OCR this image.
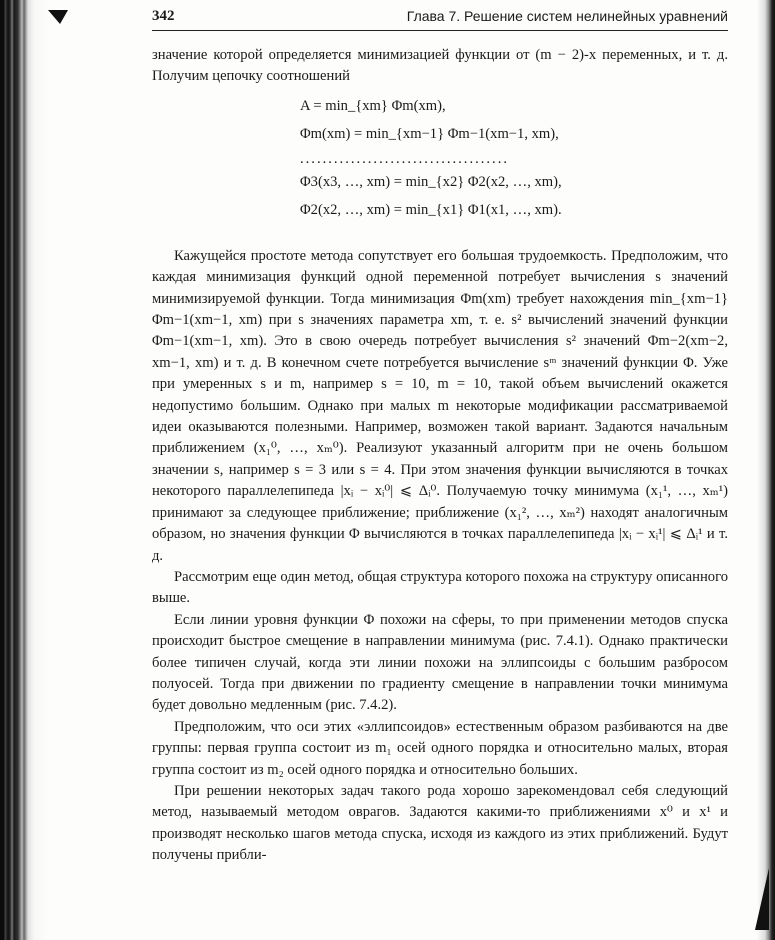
342	Глава 7. Решение систем нелинейных уравнений

значение которой определяется минимизацией функции от (m − 2)-х переменных, и т. д. Получим цепочку соотношений

A = min_{xm} Φm(xm),
Φm(xm) = min_{xm−1} Φm−1(xm−1, xm),
.....................................
Φ3(x3, …, xm) = min_{x2} Φ2(x2, …, xm),
Φ2(x2, …, xm) = min_{x1} Φ1(x1, …, xm).

Кажущейся простоте метода сопутствует его большая трудоемкость. Предположим, что каждая минимизация функций одной переменной потребует вычисления s значений минимизируемой функции. Тогда минимизация Φm(xm) требует нахождения min_{xm−1} Φm−1(xm−1, xm) при s значениях параметра xm, т. е. s² вычислений значений функции Φm−1(xm−1, xm). Это в свою очередь потребует вычисления s² значений Φm−2(xm−2, xm−1, xm) и т. д. В конечном счете потребуется вычисление sᵐ значений функции Φ. Уже при умеренных s и m, например s = 10, m = 10, такой объем вычислений окажется недопустимо большим. Однако при малых m некоторые модификации рассматриваемой идеи оказываются полезными. Например, возможен такой вариант. Задаются начальным приближением (x₁⁰, …, xₘ⁰). Реализуют указанный алгоритм при не очень большом значении s, например s = 3 или s = 4. При этом значения функции вычисляются в точках некоторого параллелепипеда |xᵢ − xᵢ⁰| ⩽ Δᵢ⁰. Получаемую точку минимума (x₁¹, …, xₘ¹) принимают за следующее приближение; приближение (x₁², …, xₘ²) находят аналогичным образом, но значения функции Φ вычисляются в точках параллелепипеда |xᵢ − xᵢ¹| ⩽ Δᵢ¹ и т. д.

Рассмотрим еще один метод, общая структура которого похожа на структуру описанного выше.

Если линии уровня функции Φ похожи на сферы, то при применении методов спуска происходит быстрое смещение в направлении минимума (рис. 7.4.1). Однако практически более типичен случай, когда эти линии похожи на эллипсоиды с большим разбросом полуосей. Тогда при движении по градиенту смещение в направлении точки минимума будет довольно медленным (рис. 7.4.2).

Предположим, что оси этих «эллипсоидов» естественным образом разбиваются на две группы: первая группа состоит из m₁ осей одного порядка и относительно малых, вторая группа состоит из m₂ осей одного порядка и относительно больших.

При решении некоторых задач такого рода хорошо зарекомендовал себя следующий метод, называемый методом оврагов. Задаются какими-то приближениями x⁰ и x¹ и производят несколько шагов метода спуска, исходя из каждого из этих приближений. Будут получены прибли-
